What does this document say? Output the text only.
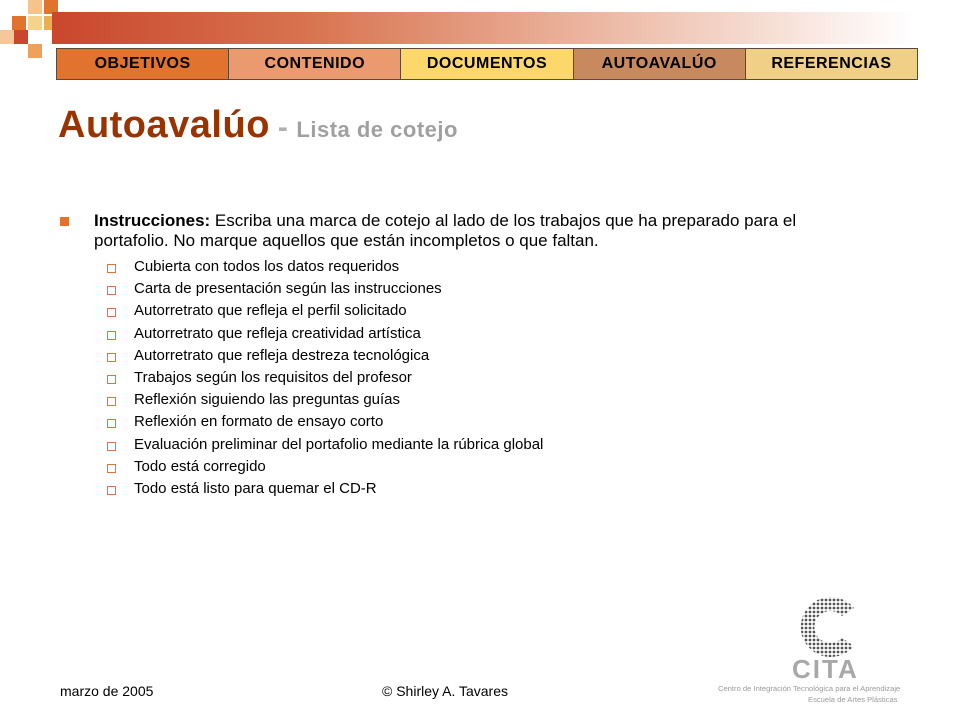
OBJETIVOS	CONTENIDO	DOCUMENTOS	AUTOAVALÚO	REFERENCIAS
Autoavalúo - Lista de cotejo
Instrucciones: Escriba una marca de cotejo al lado de los trabajos que ha preparado para el portafolio. No marque aquellos que están incompletos o que faltan.
Cubierta con todos los datos requeridos
Carta de presentación según las instrucciones
Autorretrato que refleja el perfil solicitado
Autorretrato que refleja creatividad artística
Autorretrato que refleja destreza tecnológica
Trabajos según los requisitos del profesor
Reflexión siguiendo las preguntas guías
Reflexión en formato de ensayo corto
Evaluación preliminar del portafolio mediante la rúbrica global
Todo está corregido
Todo está listo para quemar el CD-R
marzo de 2005	© Shirley A. Tavares
CITA
Centro de Integración Tecnológica para el Aprendizaje
Escuela de Artes Plásticas
